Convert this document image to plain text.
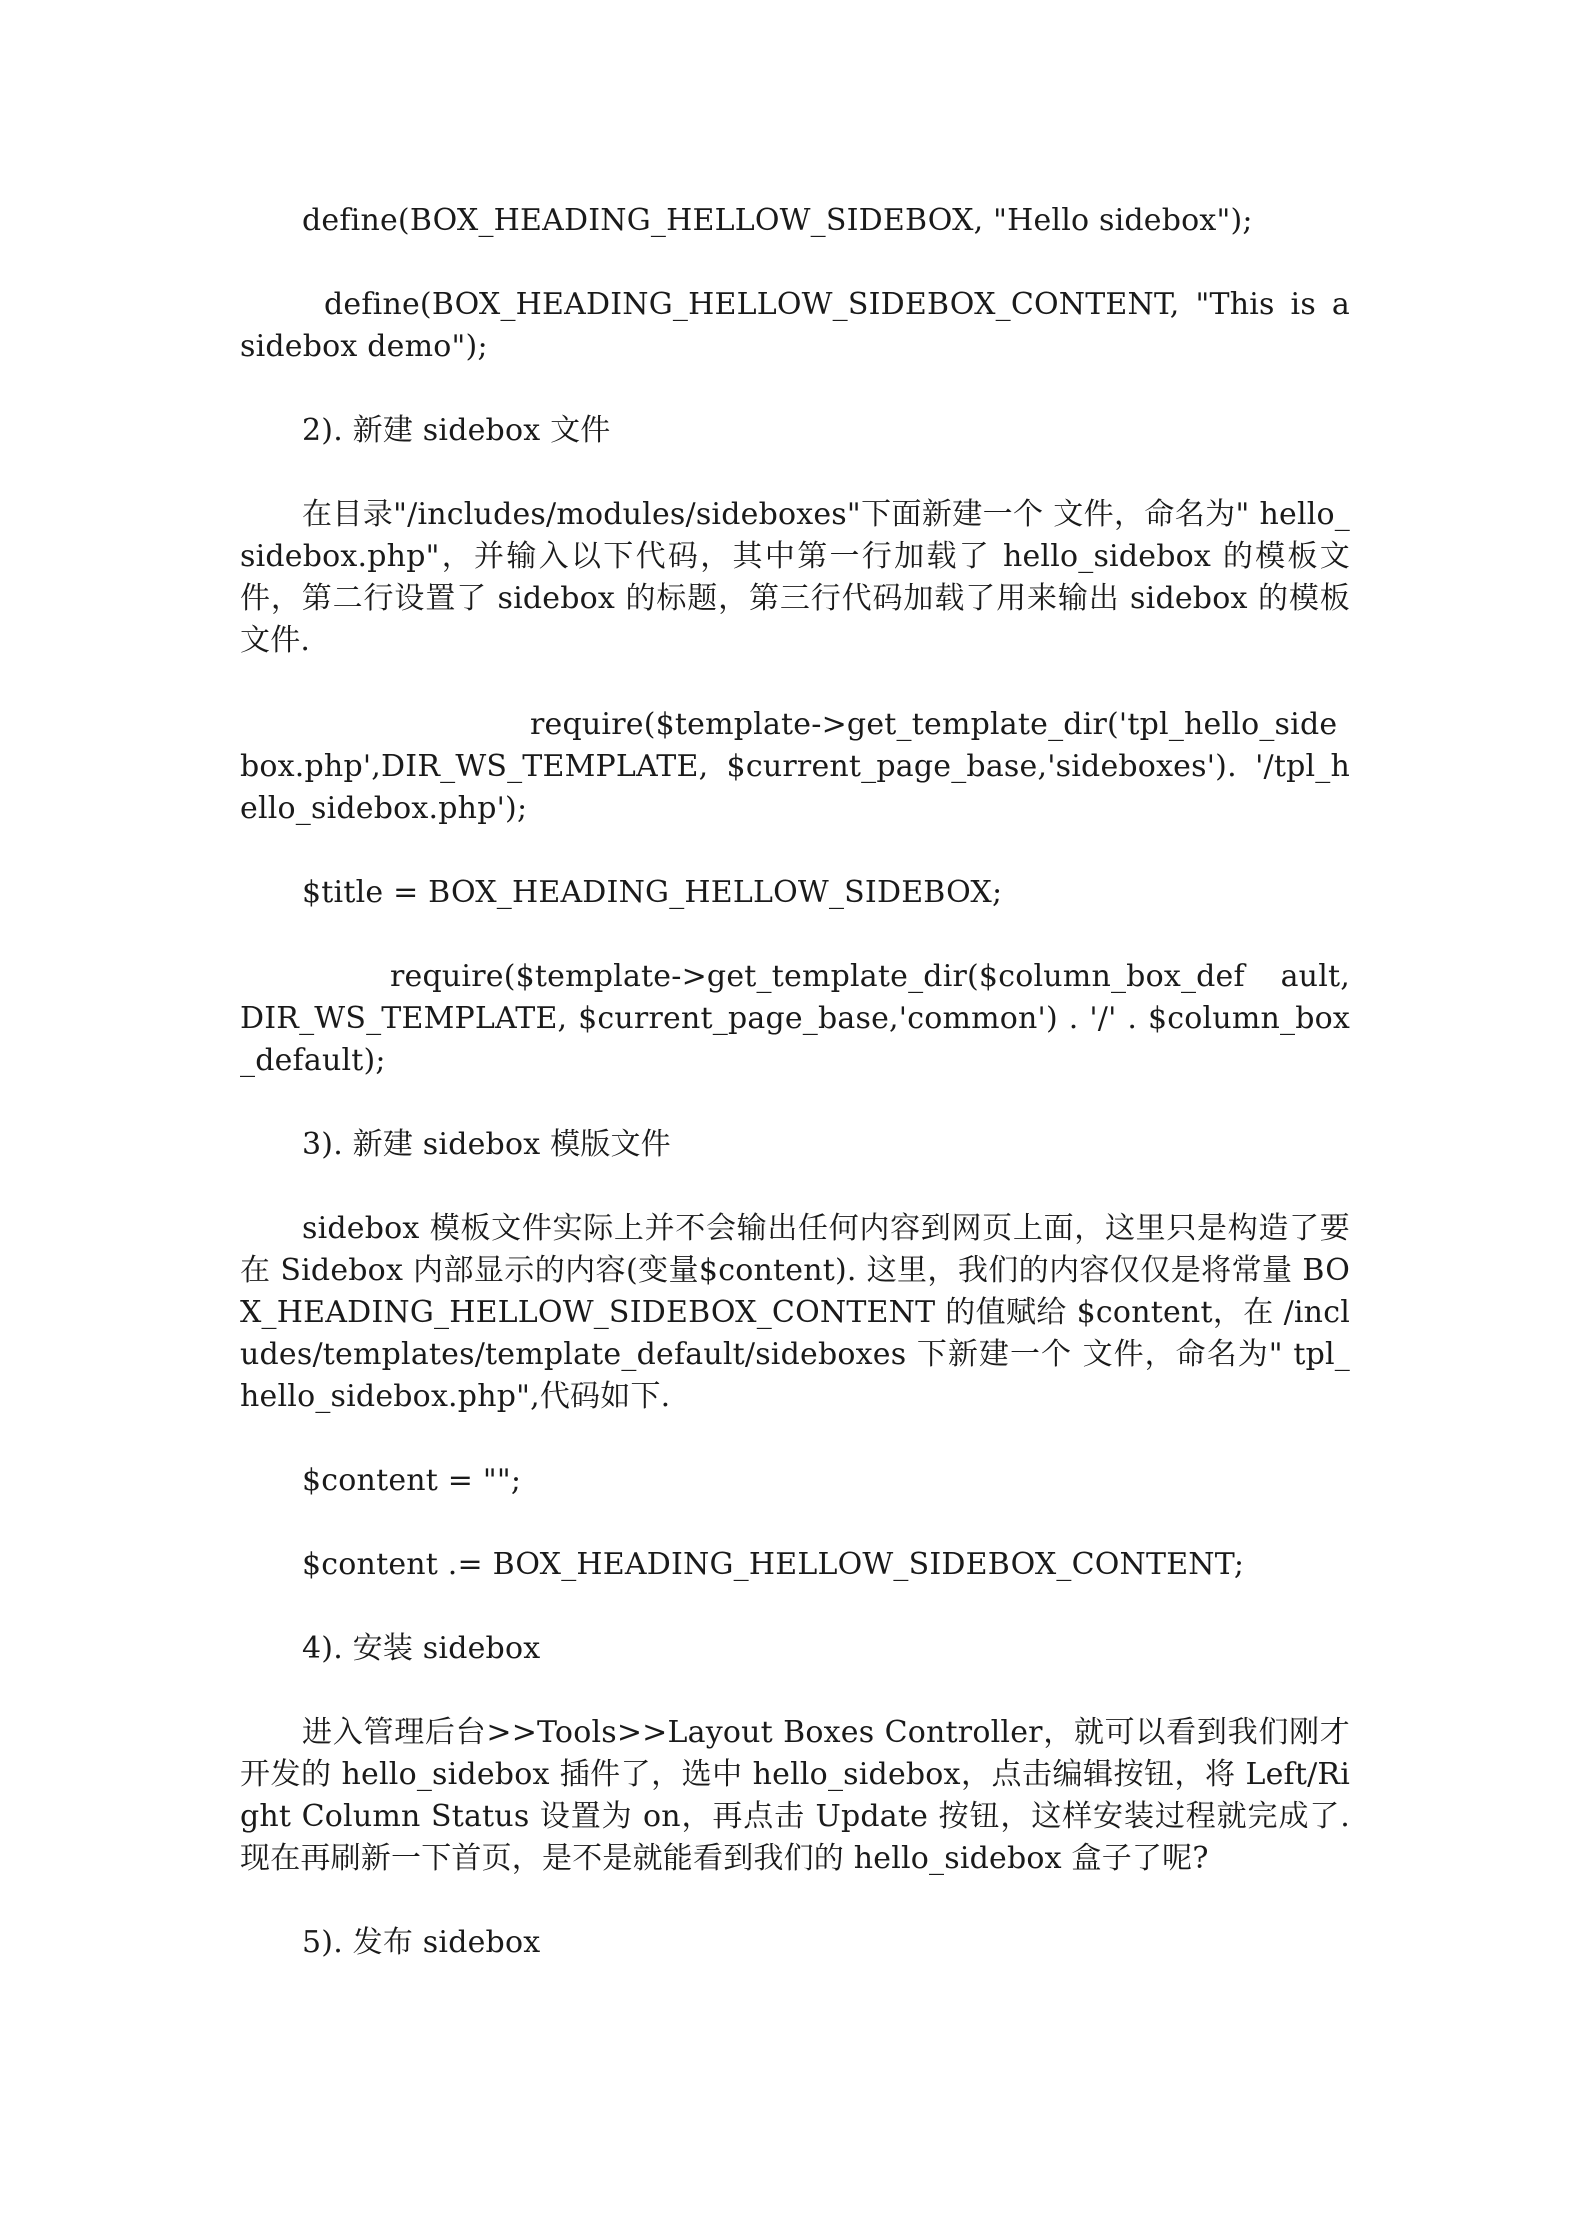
define(BOX_HEADING_HELLOW_SIDEBOX, "Hello sidebox");

define(BOX_HEADING_HELLOW_SIDEBOX_CONTENT, "This is a sidebox demo");

2). 新建 sidebox 文件

在目录"/includes/modules/sideboxes"下面新建一个 文件，命名为" hello_sidebox.php"，并输入以下代码，其中第一行加载了 hello_sidebox 的模板文件，第二行设置了 sidebox 的标题，第三行代码加载了用来输出 sidebox 的模板文件.

require($template->get_template_dir('tpl_hello_sidebox.php',DIR_WS_TEMPLATE, $current_page_base,'sideboxes'). '/tpl_hello_sidebox.php');

$title = BOX_HEADING_HELLOW_SIDEBOX;

require($template->get_template_dir($column_box_def ault, DIR_WS_TEMPLATE, $current_page_base,'common') . '/' . $column_box_default);

3). 新建 sidebox 模版文件

sidebox 模板文件实际上并不会输出任何内容到网页上面，这里只是构造了要在 Sidebox 内部显示的内容(变量$content). 这里，我们的内容仅仅是将常量 BOX_HEADING_HELLOW_SIDEBOX_CONTENT 的值赋给 $content，在 /includes/templates/template_default/sideboxes 下新建一个 文件，命名为" tpl_hello_sidebox.php",代码如下.

$content = "";

$content .= BOX_HEADING_HELLOW_SIDEBOX_CONTENT;

4). 安装 sidebox

进入管理后台>>Tools>>Layout Boxes Controller，就可以看到我们刚才开发的 hello_sidebox 插件了，选中 hello_sidebox，点击编辑按钮，将 Left/Right Column Status 设置为 on，再点击 Update 按钮，这样安装过程就完成了. 现在再刷新一下首页，是不是就能看到我们的 hello_sidebox 盒子了呢?

5). 发布 sidebox
